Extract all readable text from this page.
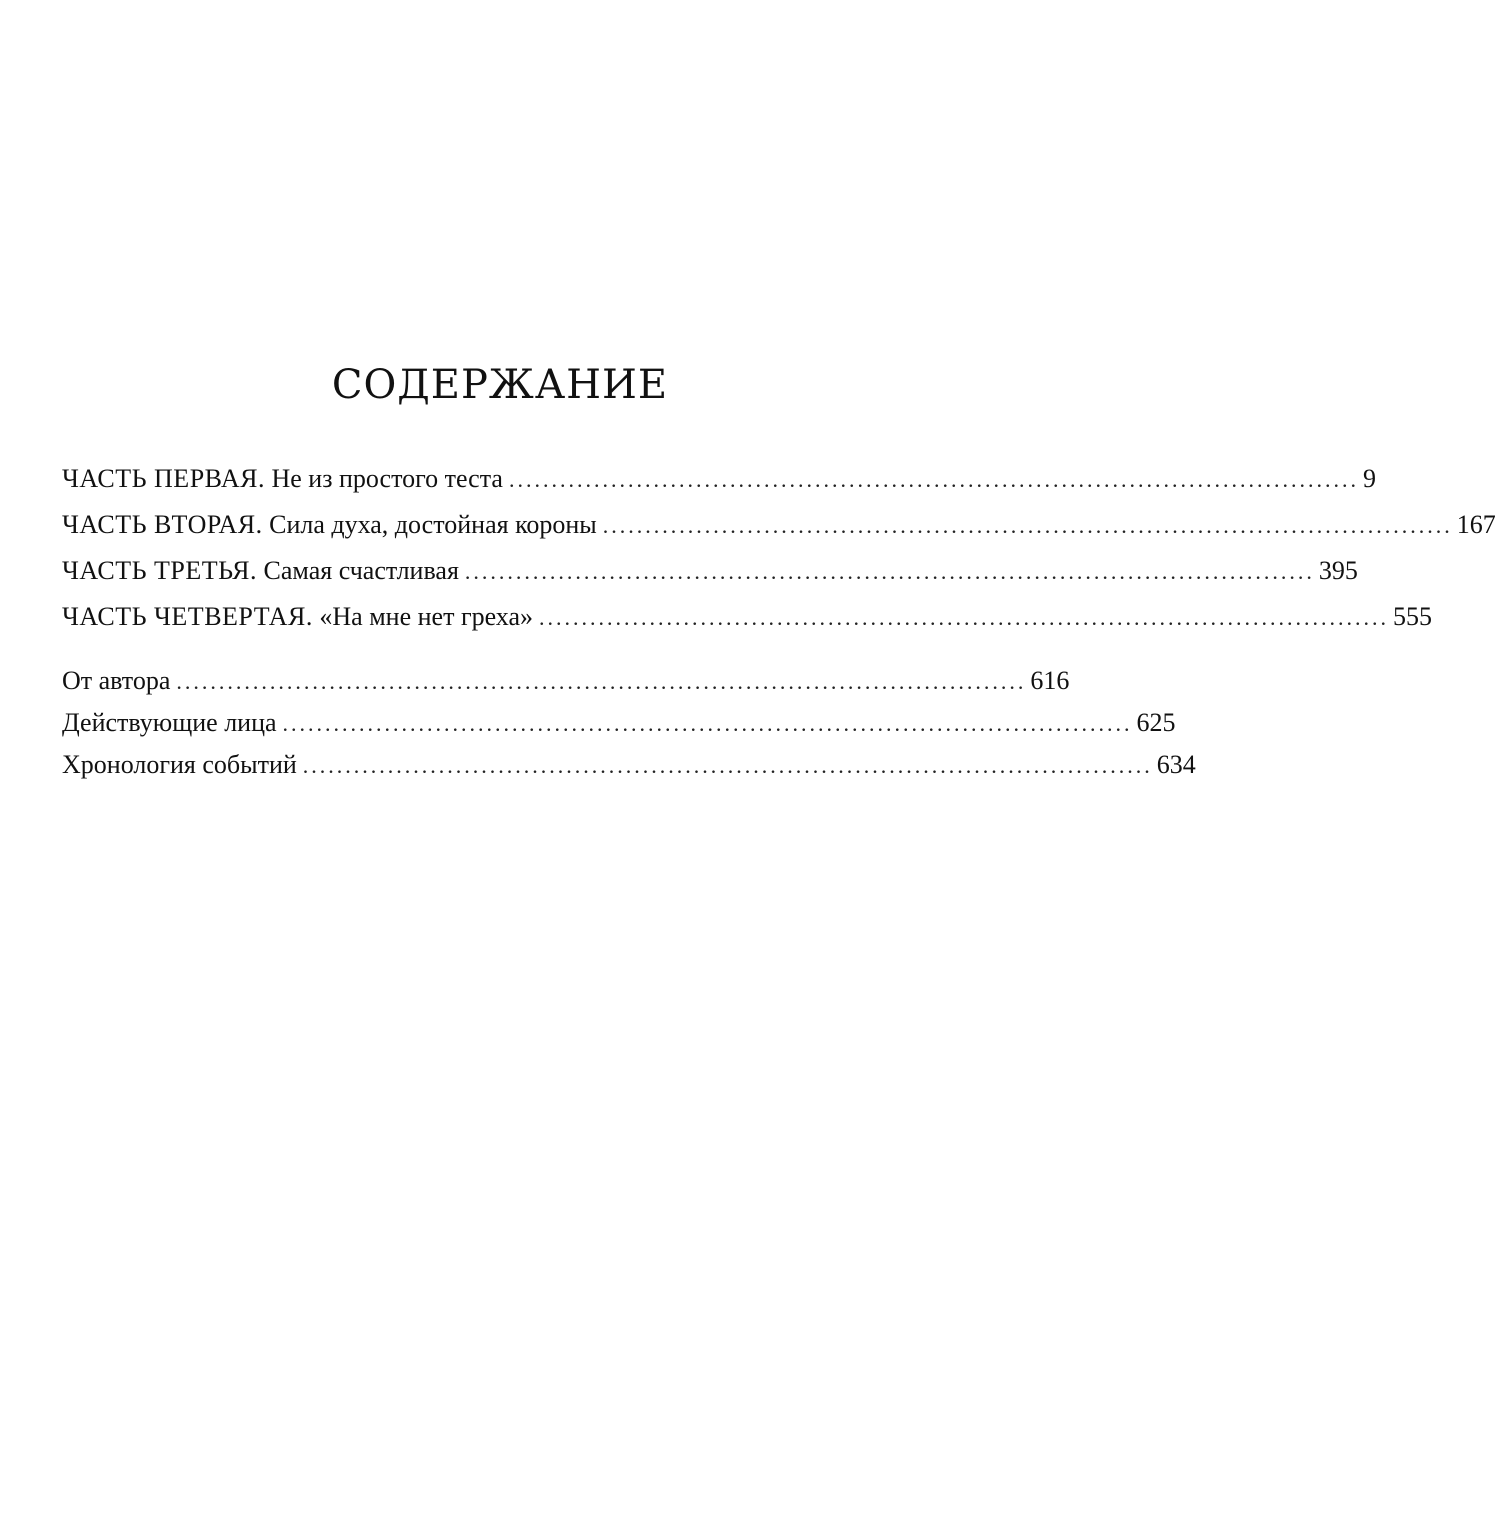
СОДЕРЖАНИЕ
ЧАСТЬ ПЕРВАЯ. Не из простого теста .................................................................................................... 9
ЧАСТЬ ВТОРАЯ. Сила духа, достойная короны .................................................................................................... 167
ЧАСТЬ ТРЕТЬЯ. Самая счастливая .................................................................................................... 395
ЧАСТЬ ЧЕТВЕРТАЯ. «На мне нет греха» .................................................................................................... 555
От автора .................................................................................................... 616
Действующие лица .................................................................................................... 625
Хронология событий .................................................................................................... 634
